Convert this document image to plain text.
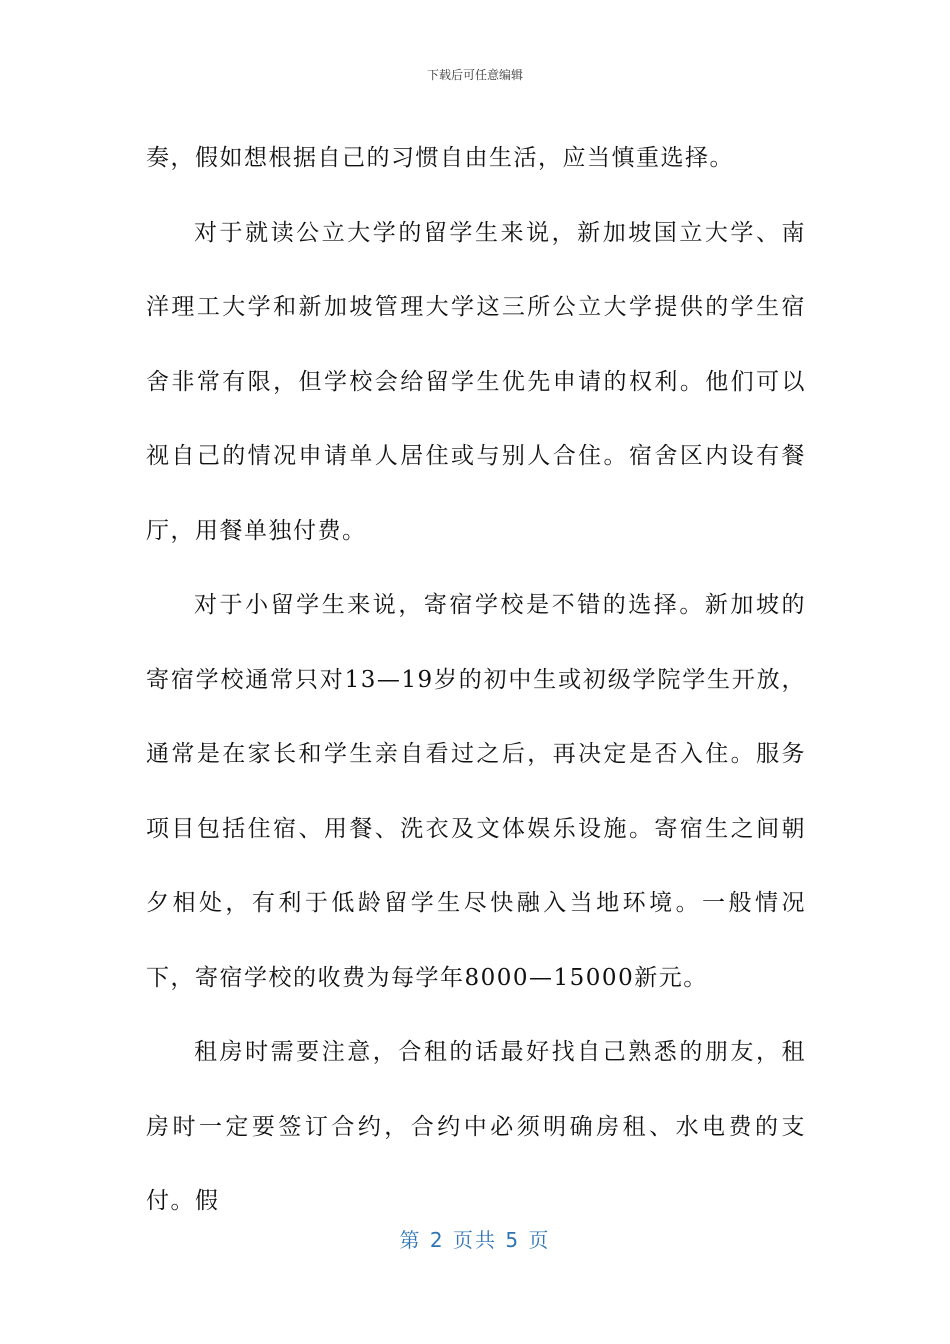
下载后可任意编辑

奏，假如想根据自己的习惯自由生活，应当慎重选择。

对于就读公立大学的留学生来说，新加坡国立大学、南洋理工大学和新加坡管理大学这三所公立大学提供的学生宿舍非常有限，但学校会给留学生优先申请的权利。他们可以视自己的情况申请单人居住或与别人合住。宿舍区内设有餐厅，用餐单独付费。

对于小留学生来说，寄宿学校是不错的选择。新加坡的寄宿学校通常只对13—19岁的初中生或初级学院学生开放，通常是在家长和学生亲自看过之后，再决定是否入住。服务项目包括住宿、用餐、洗衣及文体娱乐设施。寄宿生之间朝夕相处，有利于低龄留学生尽快融入当地环境。一般情况下，寄宿学校的收费为每学年8000—15000新元。

租房时需要注意，合租的话最好找自己熟悉的朋友，租房时一定要签订合约，合约中必须明确房租、水电费的支付。假

第 2 页共 5 页
